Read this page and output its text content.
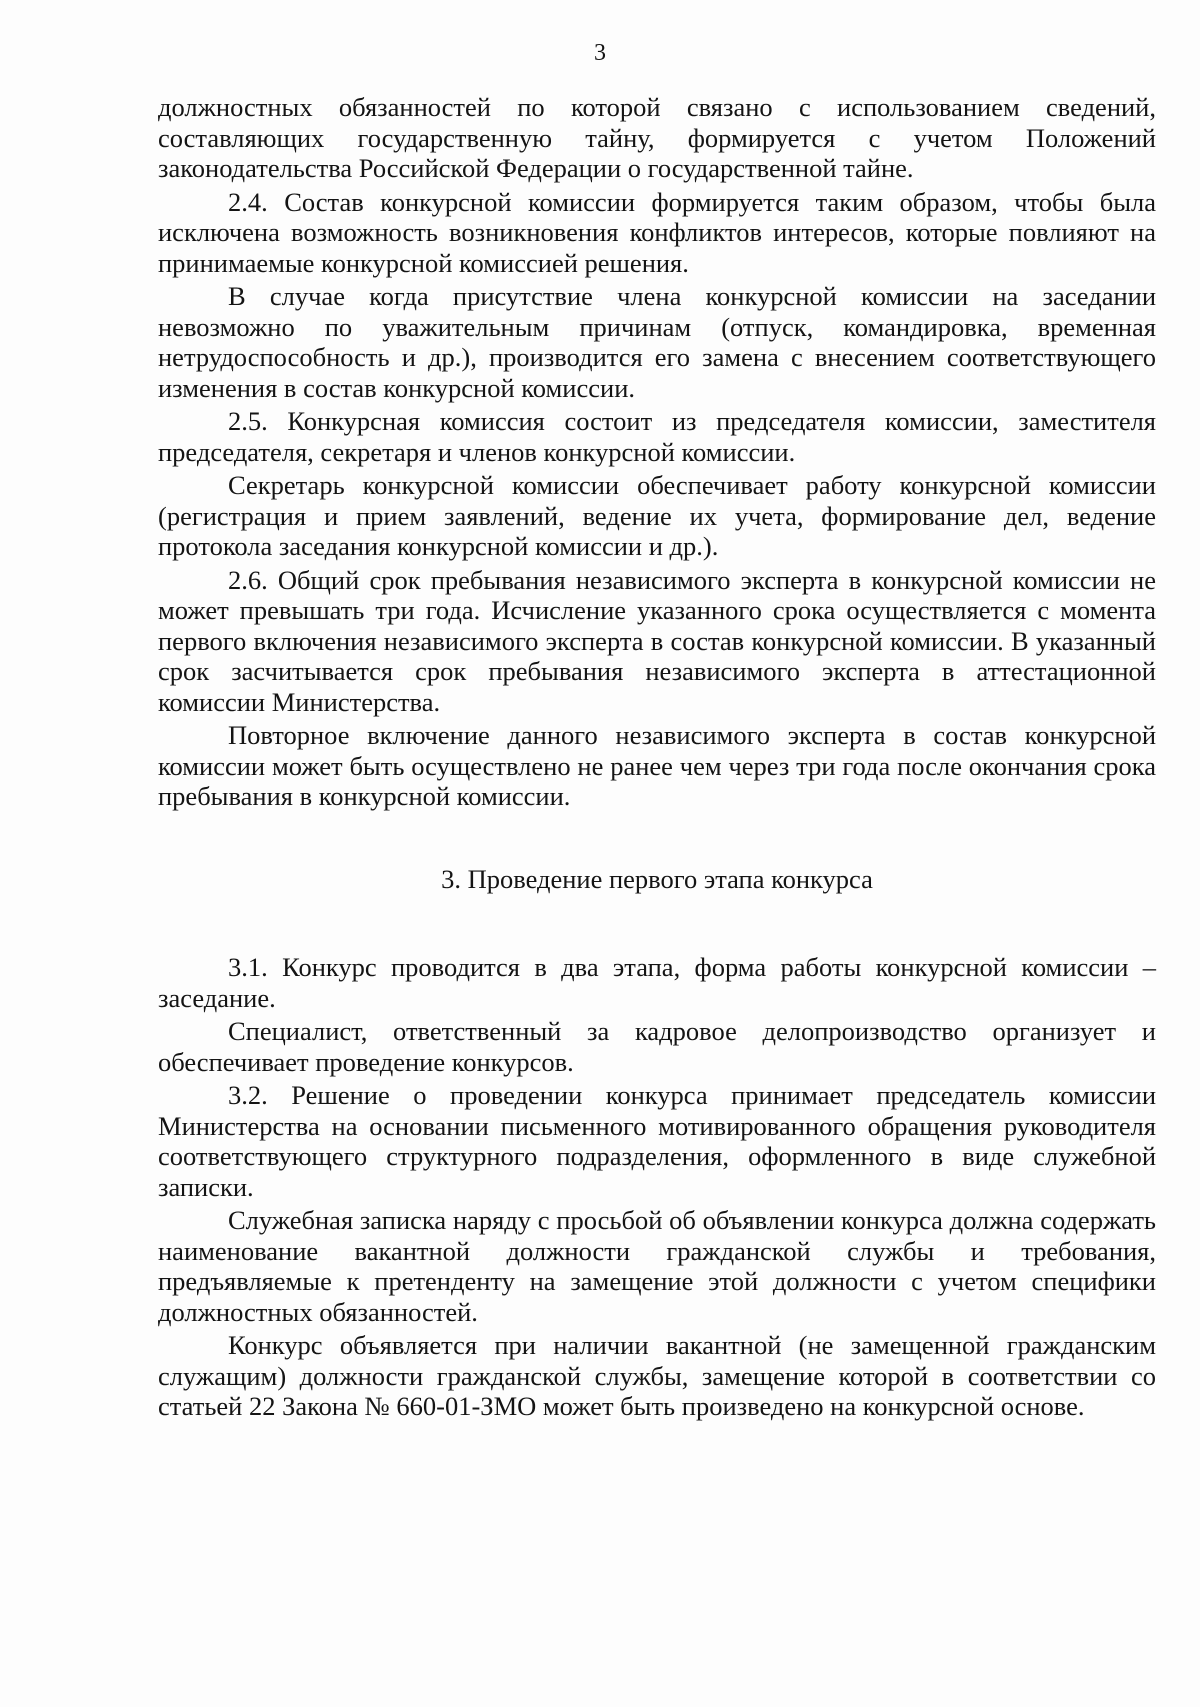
3

должностных обязанностей по которой связано с использованием сведений, составляющих государственную тайну, формируется с учетом Положений законодательства Российской Федерации о государственной тайне.

2.4. Состав конкурсной комиссии формируется таким образом, чтобы была исключена возможность возникновения конфликтов интересов, которые повлияют на принимаемые конкурсной комиссией решения.

В случае когда присутствие члена конкурсной комиссии на заседании невозможно по уважительным причинам (отпуск, командировка, временная нетрудоспособность и др.), производится его замена с внесением соответствующего изменения в состав конкурсной комиссии.

2.5. Конкурсная комиссия состоит из председателя комиссии, заместителя председателя, секретаря и членов конкурсной комиссии.

Секретарь конкурсной комиссии обеспечивает работу конкурсной комиссии (регистрация и прием заявлений, ведение их учета, формирование дел, ведение протокола заседания конкурсной комиссии и др.).

2.6. Общий срок пребывания независимого эксперта в конкурсной комиссии не может превышать три года. Исчисление указанного срока осуществляется с момента первого включения независимого эксперта в состав конкурсной комиссии. В указанный срок засчитывается срок пребывания независимого эксперта в аттестационной комиссии Министерства.

Повторное включение данного независимого эксперта в состав конкурсной комиссии может быть осуществлено не ранее чем через три года после окончания срока пребывания в конкурсной комиссии.

3. Проведение первого этапа конкурса

3.1. Конкурс проводится в два этапа, форма работы конкурсной комиссии – заседание.

Специалист, ответственный за кадровое делопроизводство организует и обеспечивает проведение конкурсов.

3.2. Решение о проведении конкурса принимает председатель комиссии Министерства на основании письменного мотивированного обращения руководителя соответствующего структурного подразделения, оформленного в виде служебной записки.

Служебная записка наряду с просьбой об объявлении конкурса должна содержать наименование вакантной должности гражданской службы и требования, предъявляемые к претенденту на замещение этой должности с учетом специфики должностных обязанностей.

Конкурс объявляется при наличии вакантной (не замещенной гражданским служащим) должности гражданской службы, замещение которой в соответствии со статьей 22 Закона № 660-01-ЗМО может быть произведено на конкурсной основе.
